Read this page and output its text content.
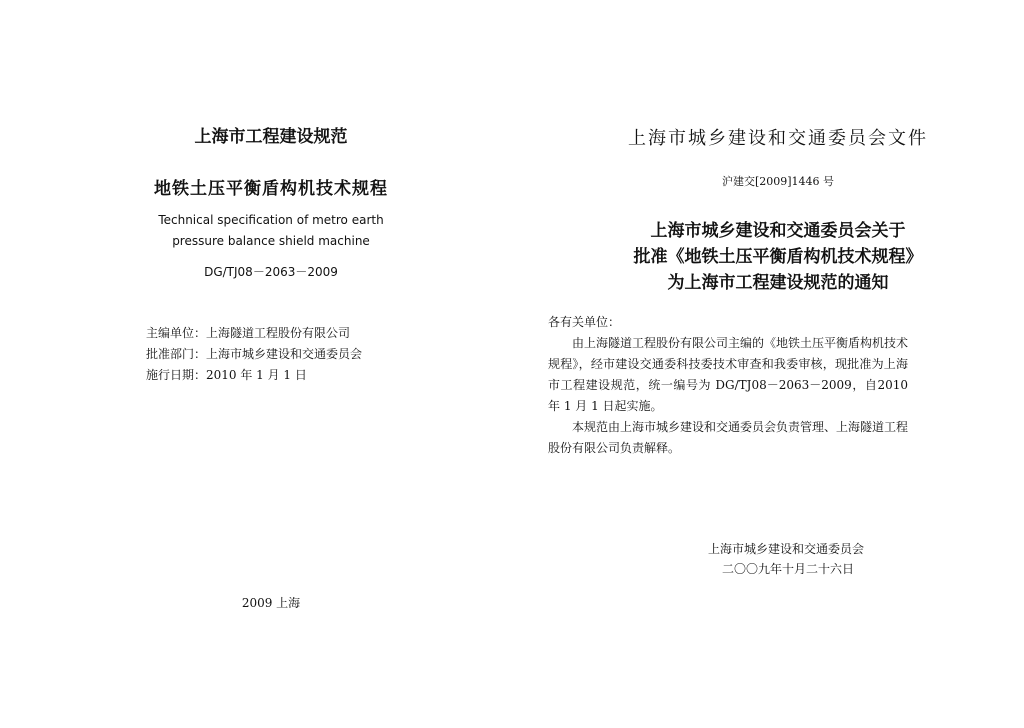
上海市工程建设规范
地铁土压平衡盾构机技术规程
Technical specification of metro earth
pressure balance shield machine
DG/TJ08－2063－2009
主编单位：上海隧道工程股份有限公司
批准部门：上海市城乡建设和交通委员会
施行日期：2010 年 1 月 1 日
2009 上海
上海市城乡建设和交通委员会文件
沪建交[2009]1446 号
上海市城乡建设和交通委员会关于
批准《地铁土压平衡盾构机技术规程》
为上海市工程建设规范的通知
各有关单位：
由上海隧道工程股份有限公司主编的《地铁土压平衡盾构机技术规程》，经市建设交通委科技委技术审查和我委审核，现批准为上海市工程建设规范，统一编号为 DG/TJ08－2063－2009，自2010 年 1 月 1 日起实施。
本规范由上海市城乡建设和交通委员会负责管理、上海隧道工程股份有限公司负责解释。
上海市城乡建设和交通委员会
二〇〇九年十月二十六日
